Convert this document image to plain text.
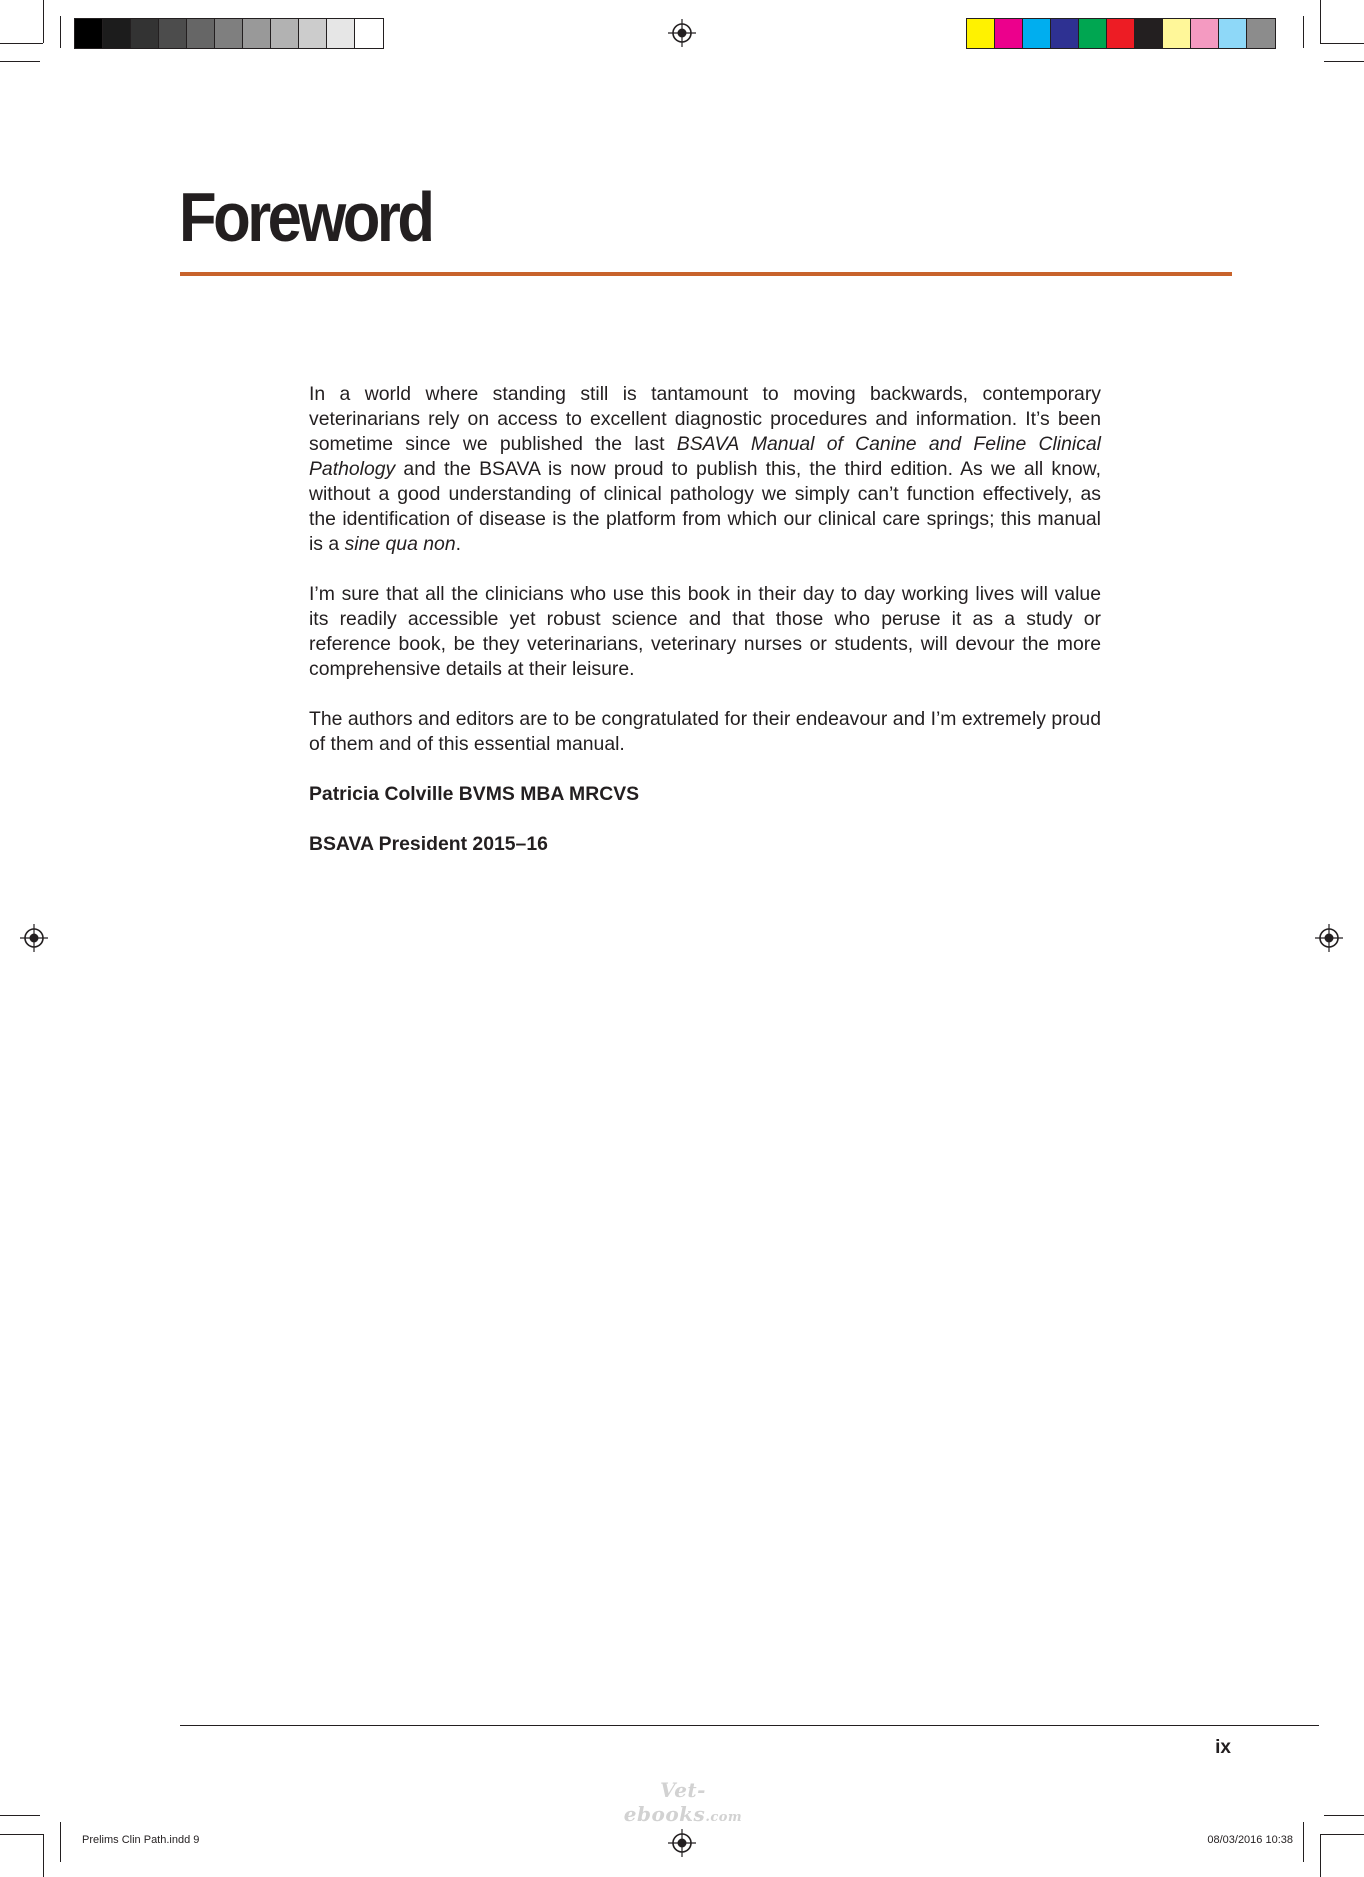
Foreword

In a world where standing still is tantamount to moving backwards, contemporary veterinarians rely on access to excellent diagnostic procedures and information. It’s been sometime since we published the last BSAVA Manual of Canine and Feline Clinical Pathology and the BSAVA is now proud to publish this, the third edition. As we all know, without a good understanding of clinical pathology we simply can’t function effectively, as the identification of disease is the platform from which our clinical care springs; this manual is a sine qua non.

I’m sure that all the clinicians who use this book in their day to day working lives will value its readily accessible yet robust science and that those who peruse it as a study or reference book, be they veterinarians, veterinary nurses or students, will devour the more comprehensive details at their leisure.

The authors and editors are to be congratulated for their endeavour and I’m extremely proud of them and of this essential manual.

Patricia Colville BVMS MBA MRCVS

BSAVA President 2015–16

ix
Vet-ebooks.com
Prelims Clin Path.indd 9	08/03/2016 10:38
